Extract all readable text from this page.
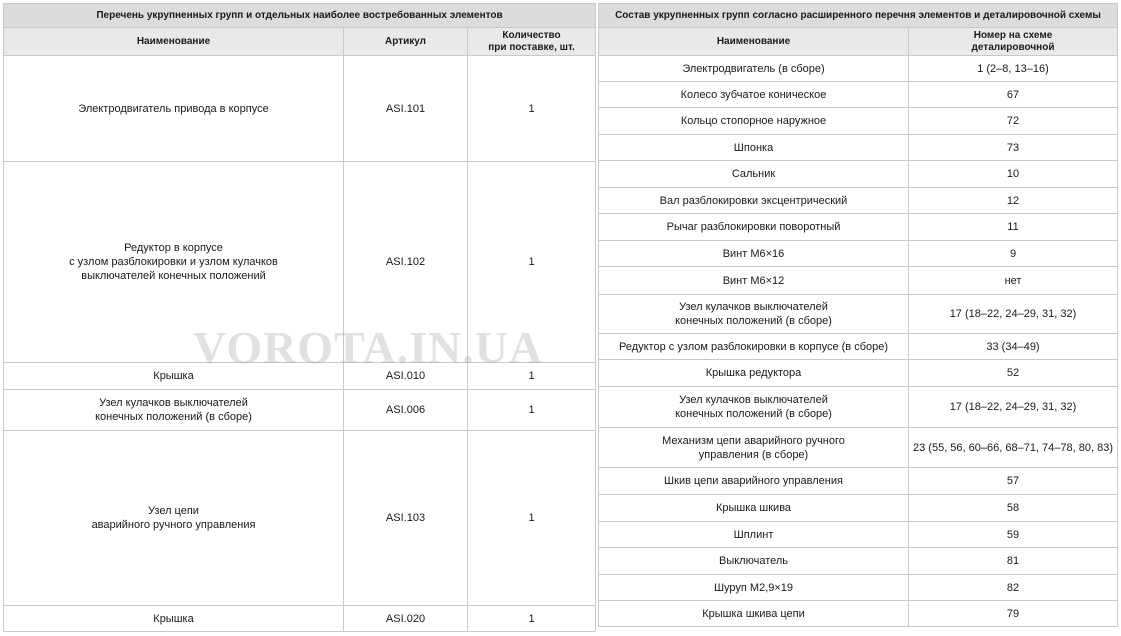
Перечень укрупненных групп и отдельных наиболее востребованных элементов		
Наименование	Артикул	Количество
при поставке, шт.

Электродвигатель привода в корпусе	ASI.101	1

Редуктор в корпусе
с узлом разблокировки и узлом кулачков
выключателей конечных положений	ASI.102	1

Крышка	ASI.010	1

Узел кулачков выключателей
конечных положений (в сборе)	ASI.006	1

Узел цепи
аварийного ручного управления	ASI.103	1

Крышка	ASI.020	1
Состав укрупненных групп согласно расширенного перечня элементов и деталировочной схемы	
Наименование	Номер на схеме
деталировочной

Электродвигатель (в сборе)	1 (2–8, 13–16)

Колесо зубчатое коническое	67

Кольцо стопорное наружное	72

Шпонка	73

Сальник	10

Вал разблокировки эксцентрический	12

Рычаг разблокировки поворотный	11

Винт М6×16	9

Винт М6×12	нет

Узел кулачков выключателей
конечных положений (в сборе)	17 (18–22, 24–29, 31, 32)

Редуктор с узлом разблокировки в корпусе (в сборе)	33 (34–49)

Крышка редуктора	52

Узел кулачков выключателей
конечных положений (в сборе)	17 (18–22, 24–29, 31, 32)

Механизм цепи аварийного ручного
управления (в сборе)	23 (55, 56, 60–66, 68–71, 74–78, 80, 83)

Шкив цепи аварийного управления	57

Крышка шкива	58

Шплинт	59

Выключатель	81

Шуруп М2,9×19	82

Крышка шкива цепи	79
VOROTA.IN.UA
